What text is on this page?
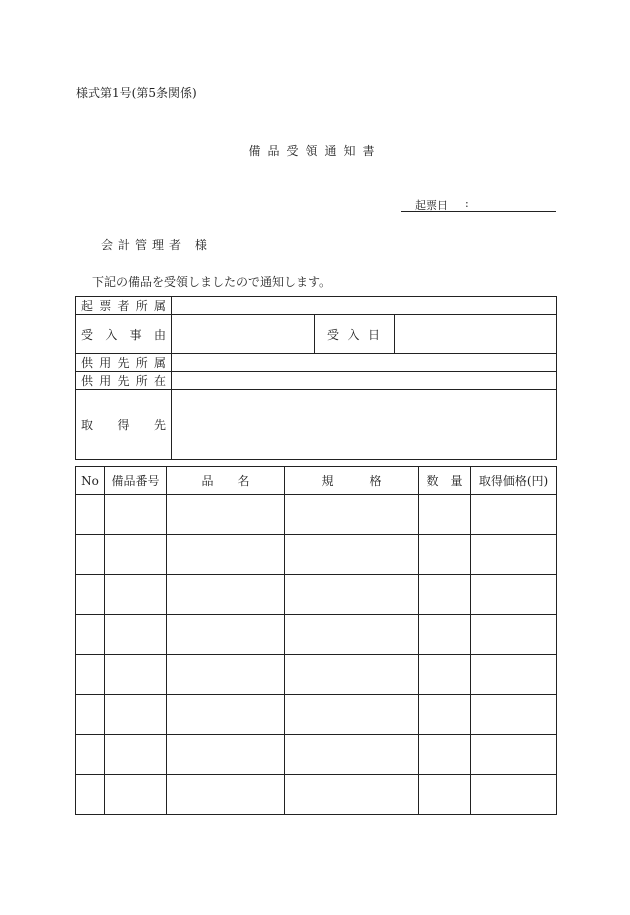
様式第1号(第5条関係)
備品受領通知書
起票日 :
会計管理者 様
下記の備品を受領しましたので通知します。
起 票 者 所 属			

受 入 事 由		受 入 日	

供 用 先 所 属			

供 用 先 所 在			

取 得 先			

No	備品番号	品 名	規 格	数 量	取得価格(円)
